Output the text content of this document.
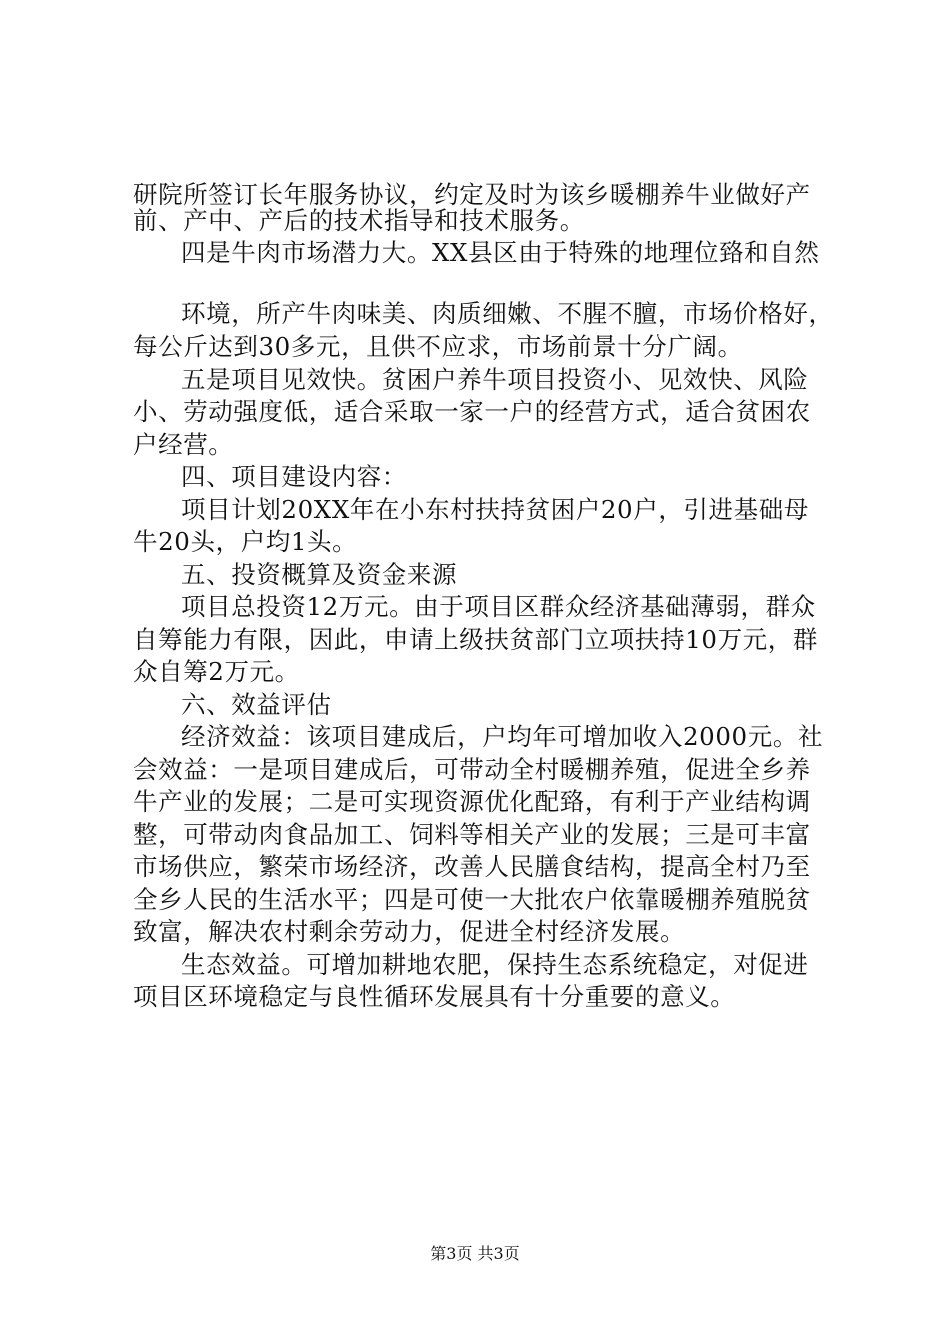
研院所签订长年服务协议，约定及时为该乡暖棚养牛业做好产

前、产中、产后的技术指导和技术服务。

四是牛肉市场潜力大。XX县区由于特殊的地理位臵和自然

环境，所产牛肉味美、肉质细嫩、不腥不膻，市场价格好，

每公斤达到30多元，且供不应求，市场前景十分广阔。

五是项目见效快。贫困户养牛项目投资小、见效快、风险

小、劳动强度低，适合采取一家一户的经营方式，适合贫困农

户经营。

四、项目建设内容：

项目计划20XX年在小东村扶持贫困户20户，引进基础母

牛20头，户均1头。

五、投资概算及资金来源

项目总投资12万元。由于项目区群众经济基础薄弱，群众

自筹能力有限，因此，申请上级扶贫部门立项扶持10万元，群

众自筹2万元。

六、效益评估

经济效益：该项目建成后，户均年可增加收入2000元。社

会效益：一是项目建成后，可带动全村暖棚养殖，促进全乡养

牛产业的发展；二是可实现资源优化配臵，有利于产业结构调

整，可带动肉食品加工、饲料等相关产业的发展；三是可丰富

市场供应，繁荣市场经济，改善人民膳食结构，提高全村乃至

全乡人民的生活水平；四是可使一大批农户依靠暖棚养殖脱贫

致富，解决农村剩余劳动力，促进全村经济发展。

生态效益。可增加耕地农肥，保持生态系统稳定，对促进

项目区环境稳定与良性循环发展具有十分重要的意义。

第3页 共3页
